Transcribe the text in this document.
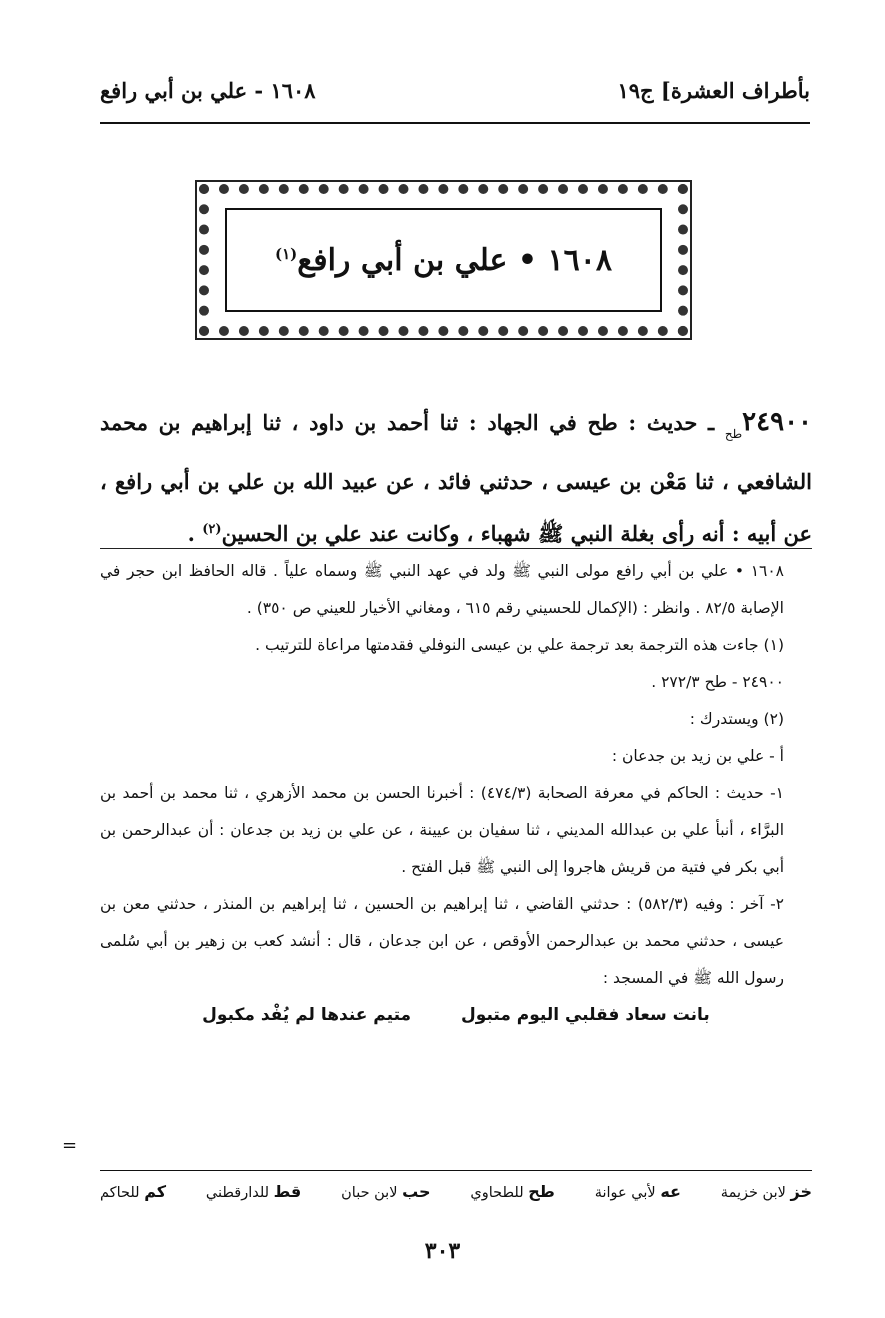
بأطراف العشرة] ج١٩
١٦٠٨ - علي بن أبي رافع
١٦٠٨ • علي بن أبي رافع$^{(١)}$
$٢٤٩٠٠_{طح}$ ـ حديث : طح في الجهاد : ثنا أحمد بن داود ، ثنا إبراهيم بن محمد الشافعي ، ثنا مَعْن بن عيسى ، حدثني فائد ، عن عبيد الله بن علي بن أبي رافع ، عن أبيه : أنه رأى بغلة النبي ﷺ شهباء ، وكانت عند علي بن الحسين$^{(٢)}$ .

١٦٠٨ • علي بن أبي رافع مولى النبي ﷺ ولد في عهد النبي ﷺ وسماه علياً . قاله الحافظ ابن حجر في الإصابة ٨٢/٥ . وانظر : (الإكمال للحسيني رقم ٦١٥ ، ومغاني الأخيار للعيني ص ٣٥٠) .

(١) جاءت هذه الترجمة بعد ترجمة علي بن عيسى النوفلي فقدمتها مراعاة للترتيب .

٢٤٩٠٠ - طح ٢٧٢/٣ .

(٢) ويستدرك :

أ - علي بن زيد بن جدعان :

١- حديث : الحاكم في معرفة الصحابة (٤٧٤/٣) : أخبرنا الحسن بن محمد الأزهري ، ثنا محمد بن أحمد بن البرَّاء ، أنبأ علي بن عبدالله المديني ، ثنا سفيان بن عيينة ، عن علي بن زيد بن جدعان : أن عبدالرحمن بن أبي بكر في فتية من قريش هاجروا إلى النبي ﷺ قبل الفتح .

٢- آخر : وفيه (٥٨٢/٣) : حدثني القاضي ، ثنا إبراهيم بن الحسين ، ثنا إبراهيم بن المنذر ، حدثني معن بن عيسى ، حدثني محمد بن عبدالرحمن الأوقص ، عن ابن جدعان ، قال : أنشد كعب بن زهير بن أبي سُلمى رسول الله ﷺ في المسجد :

بانت سعاد فقلبي اليوم متبول
متيم عندها لم يُفْد مكبول
=
خز لابن خزيمة
عه لأبي عوانة
طح للطحاوي
حب لابن حبان
قط للدارقطني
كم للحاكم
٣٠٣
